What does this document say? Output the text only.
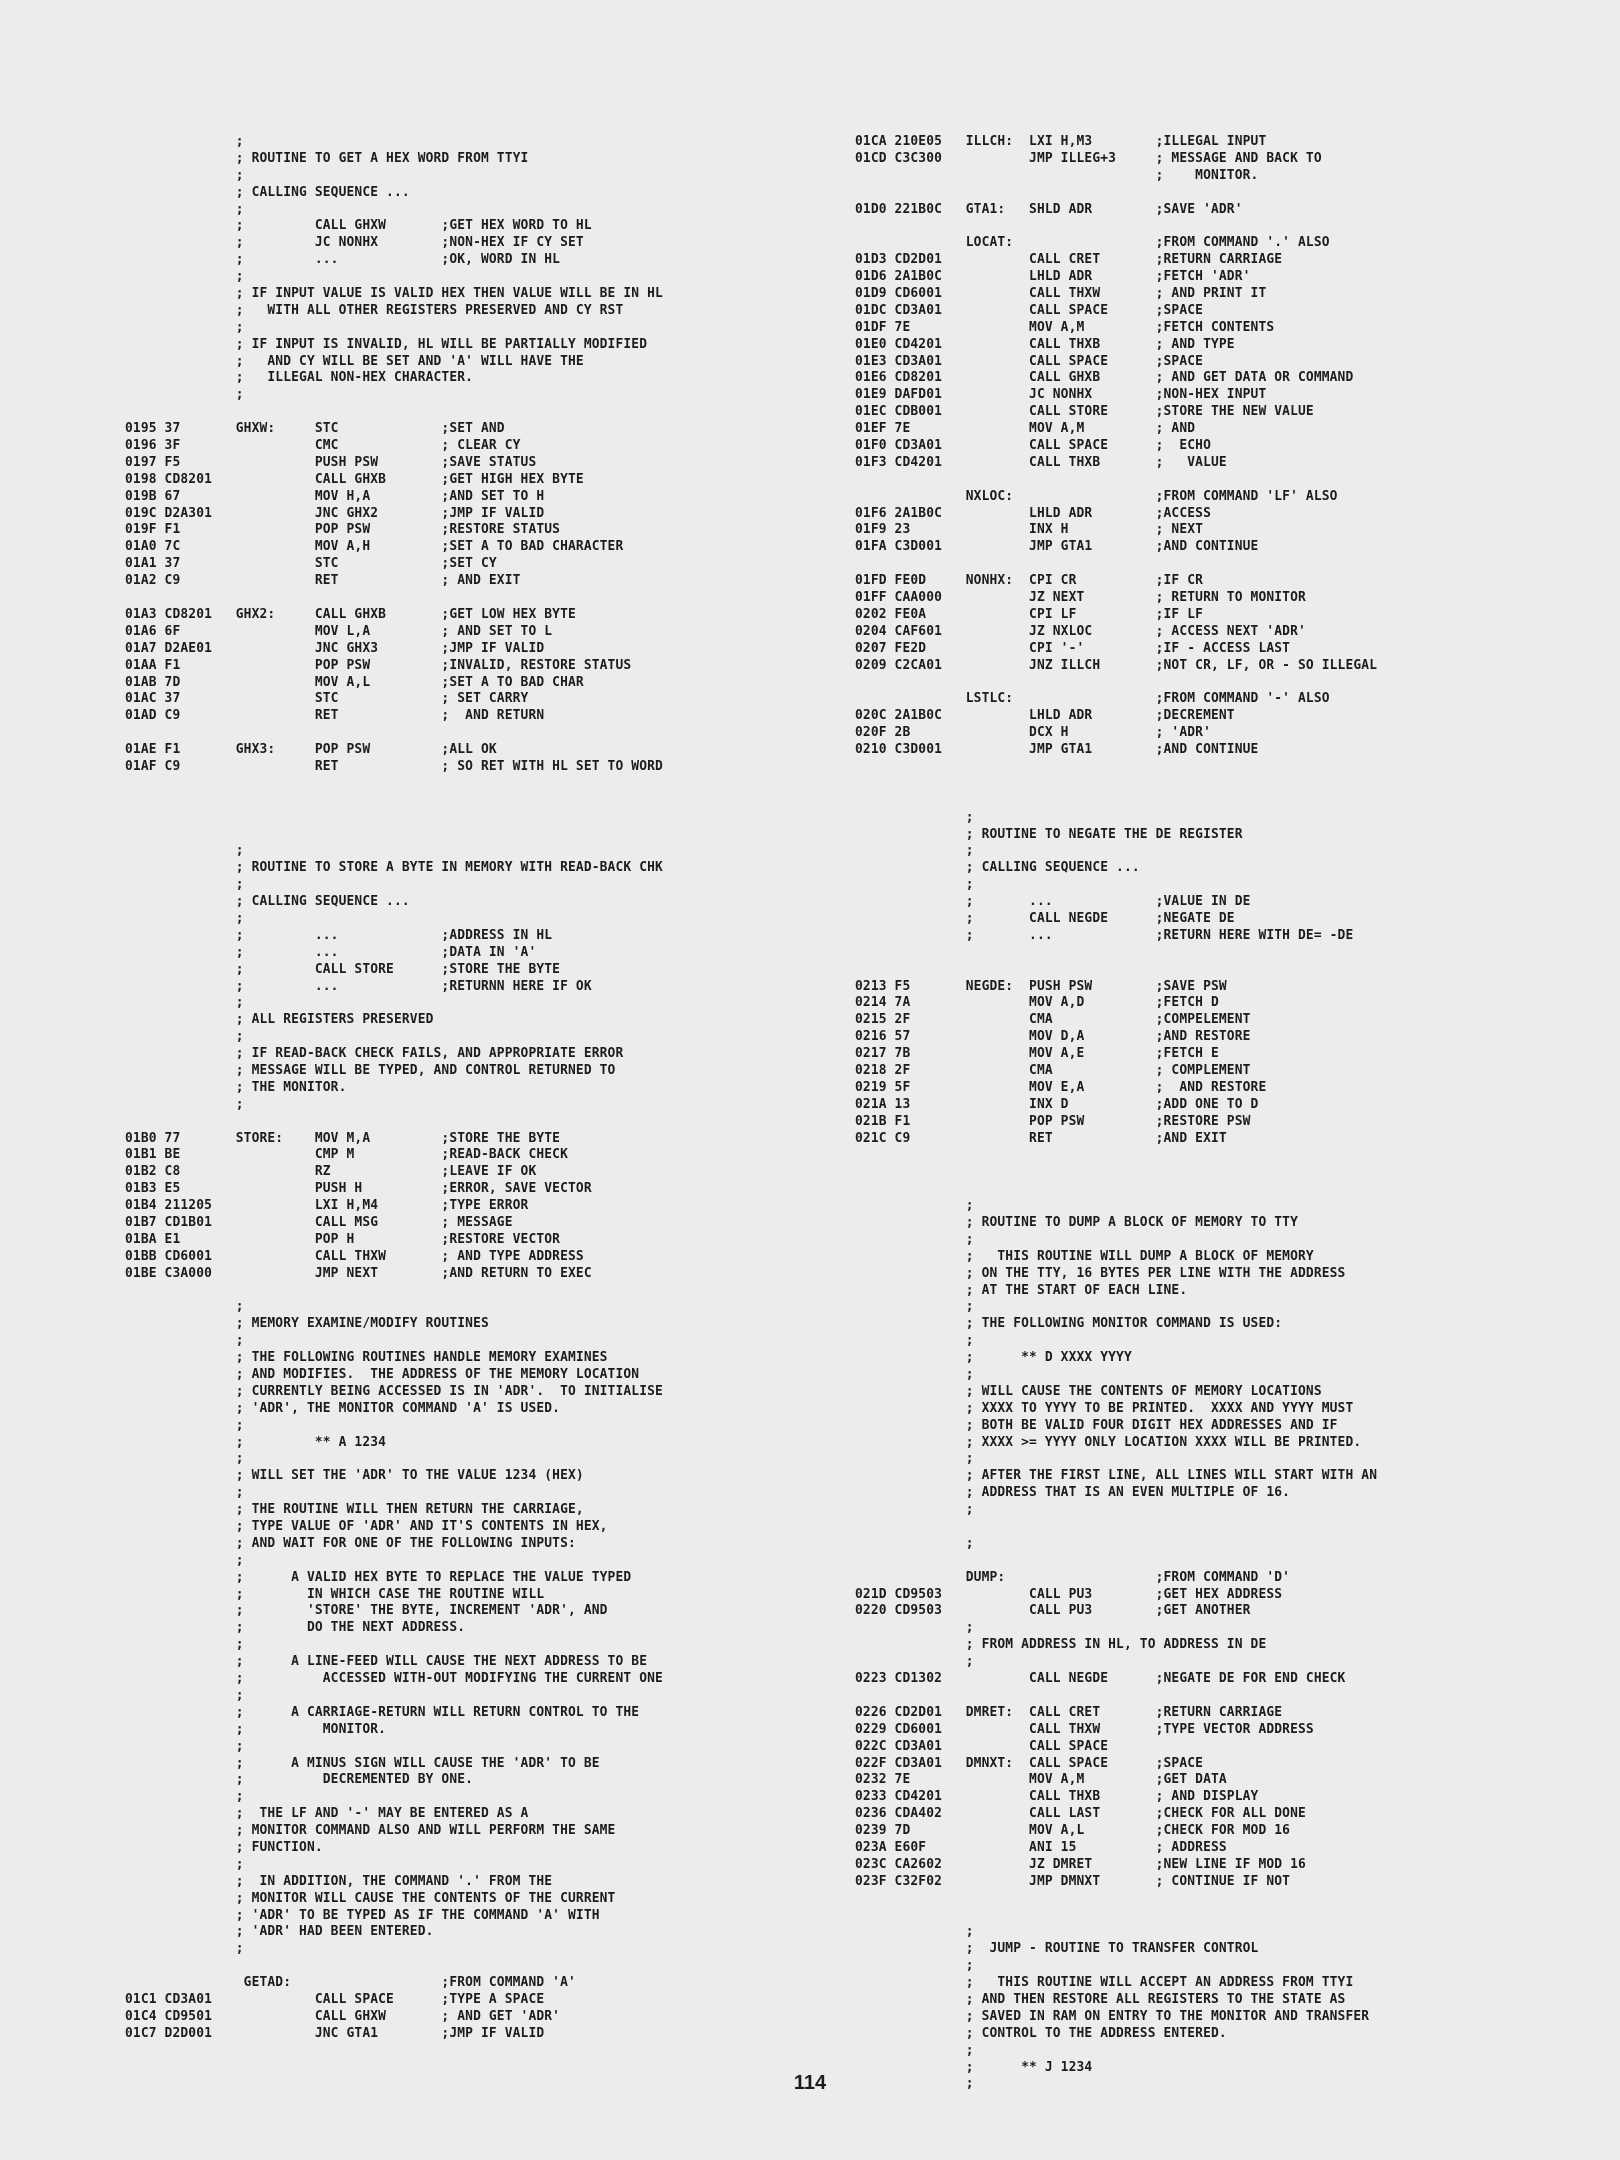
;
; ROUTINE TO GET A HEX WORD FROM TTYI
;
; CALLING SEQUENCE ...
;
;         CALL GHXW       ;GET HEX WORD TO HL
;         JC NONHX        ;NON-HEX IF CY SET
;         ...             ;OK, WORD IN HL
;
; IF INPUT VALUE IS VALID HEX THEN VALUE WILL BE IN HL
;   WITH ALL OTHER REGISTERS PRESERVED AND CY RST
;
; IF INPUT IS INVALID, HL WILL BE PARTIALLY MODIFIED
;   AND CY WILL BE SET AND 'A' WILL HAVE THE
;   ILLEGAL NON-HEX CHARACTER.
;
0195 37       GHXW:     STC             ;SET AND
0196 3F                 CMC             ; CLEAR CY
0197 F5                 PUSH PSW        ;SAVE STATUS
0198 CD8201             CALL GHXB       ;GET HIGH HEX BYTE
019B 67                 MOV H,A         ;AND SET TO H
019C D2A301             JNC GHX2        ;JMP IF VALID
019F F1                 POP PSW         ;RESTORE STATUS
01A0 7C                 MOV A,H         ;SET A TO BAD CHARACTER
01A1 37                 STC             ;SET CY
01A2 C9                 RET             ; AND EXIT
01A3 CD8201   GHX2:     CALL GHXB       ;GET LOW HEX BYTE
01A6 6F                 MOV L,A         ; AND SET TO L
01A7 D2AE01             JNC GHX3        ;JMP IF VALID
01AA F1                 POP PSW         ;INVALID, RESTORE STATUS
01AB 7D                 MOV A,L         ;SET A TO BAD CHAR
01AC 37                 STC             ; SET CARRY
01AD C9                 RET             ;  AND RETURN
01AE F1       GHX3:     POP PSW         ;ALL OK
01AF C9                 RET             ; SO RET WITH HL SET TO WORD
;
; ROUTINE TO STORE A BYTE IN MEMORY WITH READ-BACK CHK
;
; CALLING SEQUENCE ...
;
;         ...             ;ADDRESS IN HL
;         ...             ;DATA IN 'A'
;         CALL STORE      ;STORE THE BYTE
;         ...             ;RETURNN HERE IF OK
;
; ALL REGISTERS PRESERVED
;
; IF READ-BACK CHECK FAILS, AND APPROPRIATE ERROR
; MESSAGE WILL BE TYPED, AND CONTROL RETURNED TO
; THE MONITOR.
;
01B0 77       STORE:    MOV M,A         ;STORE THE BYTE
01B1 BE                 CMP M           ;READ-BACK CHECK
01B2 C8                 RZ              ;LEAVE IF OK
01B3 E5                 PUSH H          ;ERROR, SAVE VECTOR
01B4 211205             LXI H,M4        ;TYPE ERROR
01B7 CD1B01             CALL MSG        ; MESSAGE
01BA E1                 POP H           ;RESTORE VECTOR
01BB CD6001             CALL THXW       ; AND TYPE ADDRESS
01BE C3A000             JMP NEXT        ;AND RETURN TO EXEC
;
; MEMORY EXAMINE/MODIFY ROUTINES
;
; THE FOLLOWING ROUTINES HANDLE MEMORY EXAMINES
; AND MODIFIES.  THE ADDRESS OF THE MEMORY LOCATION
; CURRENTLY BEING ACCESSED IS IN 'ADR'.  TO INITIALISE
; 'ADR', THE MONITOR COMMAND 'A' IS USED.
;
;         ** A 1234
;
; WILL SET THE 'ADR' TO THE VALUE 1234 (HEX)
;
; THE ROUTINE WILL THEN RETURN THE CARRIAGE,
; TYPE VALUE OF 'ADR' AND IT'S CONTENTS IN HEX,
; AND WAIT FOR ONE OF THE FOLLOWING INPUTS:
;
;      A VALID HEX BYTE TO REPLACE THE VALUE TYPED
;        IN WHICH CASE THE ROUTINE WILL
;        'STORE' THE BYTE, INCREMENT 'ADR', AND
;        DO THE NEXT ADDRESS.
;
;      A LINE-FEED WILL CAUSE THE NEXT ADDRESS TO BE
;          ACCESSED WITH-OUT MODIFYING THE CURRENT ONE
;
;      A CARRIAGE-RETURN WILL RETURN CONTROL TO THE
;          MONITOR.
;
;      A MINUS SIGN WILL CAUSE THE 'ADR' TO BE
;          DECREMENTED BY ONE.
;
;  THE LF AND '-' MAY BE ENTERED AS A
; MONITOR COMMAND ALSO AND WILL PERFORM THE SAME
; FUNCTION.
;
;  IN ADDITION, THE COMMAND '.' FROM THE
; MONITOR WILL CAUSE THE CONTENTS OF THE CURRENT
; 'ADR' TO BE TYPED AS IF THE COMMAND 'A' WITH
; 'ADR' HAD BEEN ENTERED.
;
GETAD:                   ;FROM COMMAND 'A'
01C1 CD3A01             CALL SPACE      ;TYPE A SPACE
01C4 CD9501             CALL GHXW       ; AND GET 'ADR'
01C7 D2D001             JNC GTA1        ;JMP IF VALID
01CA 210E05   ILLCH:  LXI H,M3        ;ILLEGAL INPUT
01CD C3C300           JMP ILLEG+3     ; MESSAGE AND BACK TO
;    MONITOR.
01D0 221B0C   GTA1:   SHLD ADR        ;SAVE 'ADR'
LOCAT:                  ;FROM COMMAND '.' ALSO
01D3 CD2D01           CALL CRET       ;RETURN CARRIAGE
01D6 2A1B0C           LHLD ADR        ;FETCH 'ADR'
01D9 CD6001           CALL THXW       ; AND PRINT IT
01DC CD3A01           CALL SPACE      ;SPACE
01DF 7E               MOV A,M         ;FETCH CONTENTS
01E0 CD4201           CALL THXB       ; AND TYPE
01E3 CD3A01           CALL SPACE      ;SPACE
01E6 CD8201           CALL GHXB       ; AND GET DATA OR COMMAND
01E9 DAFD01           JC NONHX        ;NON-HEX INPUT
01EC CDB001           CALL STORE      ;STORE THE NEW VALUE
01EF 7E               MOV A,M         ; AND
01F0 CD3A01           CALL SPACE      ;  ECHO
01F3 CD4201           CALL THXB       ;   VALUE
NXLOC:                  ;FROM COMMAND 'LF' ALSO
01F6 2A1B0C           LHLD ADR        ;ACCESS
01F9 23               INX H           ; NEXT
01FA C3D001           JMP GTA1        ;AND CONTINUE
01FD FE0D     NONHX:  CPI CR          ;IF CR
01FF CAA000           JZ NEXT         ; RETURN TO MONITOR
0202 FE0A             CPI LF          ;IF LF
0204 CAF601           JZ NXLOC        ; ACCESS NEXT 'ADR'
0207 FE2D             CPI '-'         ;IF - ACCESS LAST
0209 C2CA01           JNZ ILLCH       ;NOT CR, LF, OR - SO ILLEGAL
LSTLC:                  ;FROM COMMAND '-' ALSO
020C 2A1B0C           LHLD ADR        ;DECREMENT
020F 2B               DCX H           ; 'ADR'
0210 C3D001           JMP GTA1        ;AND CONTINUE
;
; ROUTINE TO NEGATE THE DE REGISTER
;
; CALLING SEQUENCE ...
;
;       ...             ;VALUE IN DE
;       CALL NEGDE      ;NEGATE DE
;       ...             ;RETURN HERE WITH DE= -DE
0213 F5       NEGDE:  PUSH PSW        ;SAVE PSW
0214 7A               MOV A,D         ;FETCH D
0215 2F               CMA             ;COMPELEMENT
0216 57               MOV D,A         ;AND RESTORE
0217 7B               MOV A,E         ;FETCH E
0218 2F               CMA             ; COMPLEMENT
0219 5F               MOV E,A         ;  AND RESTORE
021A 13               INX D           ;ADD ONE TO D
021B F1               POP PSW         ;RESTORE PSW
021C C9               RET             ;AND EXIT
;
; ROUTINE TO DUMP A BLOCK OF MEMORY TO TTY
;
;   THIS ROUTINE WILL DUMP A BLOCK OF MEMORY
; ON THE TTY, 16 BYTES PER LINE WITH THE ADDRESS
; AT THE START OF EACH LINE.
;
; THE FOLLOWING MONITOR COMMAND IS USED:
;
;      ** D XXXX YYYY
;
; WILL CAUSE THE CONTENTS OF MEMORY LOCATIONS
; XXXX TO YYYY TO BE PRINTED.  XXXX AND YYYY MUST
; BOTH BE VALID FOUR DIGIT HEX ADDRESSES AND IF
; XXXX >= YYYY ONLY LOCATION XXXX WILL BE PRINTED.
;
; AFTER THE FIRST LINE, ALL LINES WILL START WITH AN
; ADDRESS THAT IS AN EVEN MULTIPLE OF 16.
;
;
DUMP:                   ;FROM COMMAND 'D'
021D CD9503           CALL PU3        ;GET HEX ADDRESS
0220 CD9503           CALL PU3        ;GET ANOTHER
;
; FROM ADDRESS IN HL, TO ADDRESS IN DE
;
0223 CD1302           CALL NEGDE      ;NEGATE DE FOR END CHECK
0226 CD2D01   DMRET:  CALL CRET       ;RETURN CARRIAGE
0229 CD6001           CALL THXW       ;TYPE VECTOR ADDRESS
022C CD3A01           CALL SPACE
022F CD3A01   DMNXT:  CALL SPACE      ;SPACE
0232 7E               MOV A,M         ;GET DATA
0233 CD4201           CALL THXB       ; AND DISPLAY
0236 CDA402           CALL LAST       ;CHECK FOR ALL DONE
0239 7D               MOV A,L         ;CHECK FOR MOD 16
023A E60F             ANI 15          ; ADDRESS
023C CA2602           JZ DMRET        ;NEW LINE IF MOD 16
023F C32F02           JMP DMNXT       ; CONTINUE IF NOT
;
;  JUMP - ROUTINE TO TRANSFER CONTROL
;
;   THIS ROUTINE WILL ACCEPT AN ADDRESS FROM TTYI
; AND THEN RESTORE ALL REGISTERS TO THE STATE AS
; SAVED IN RAM ON ENTRY TO THE MONITOR AND TRANSFER
; CONTROL TO THE ADDRESS ENTERED.
;
;      ** J 1234
;
114
